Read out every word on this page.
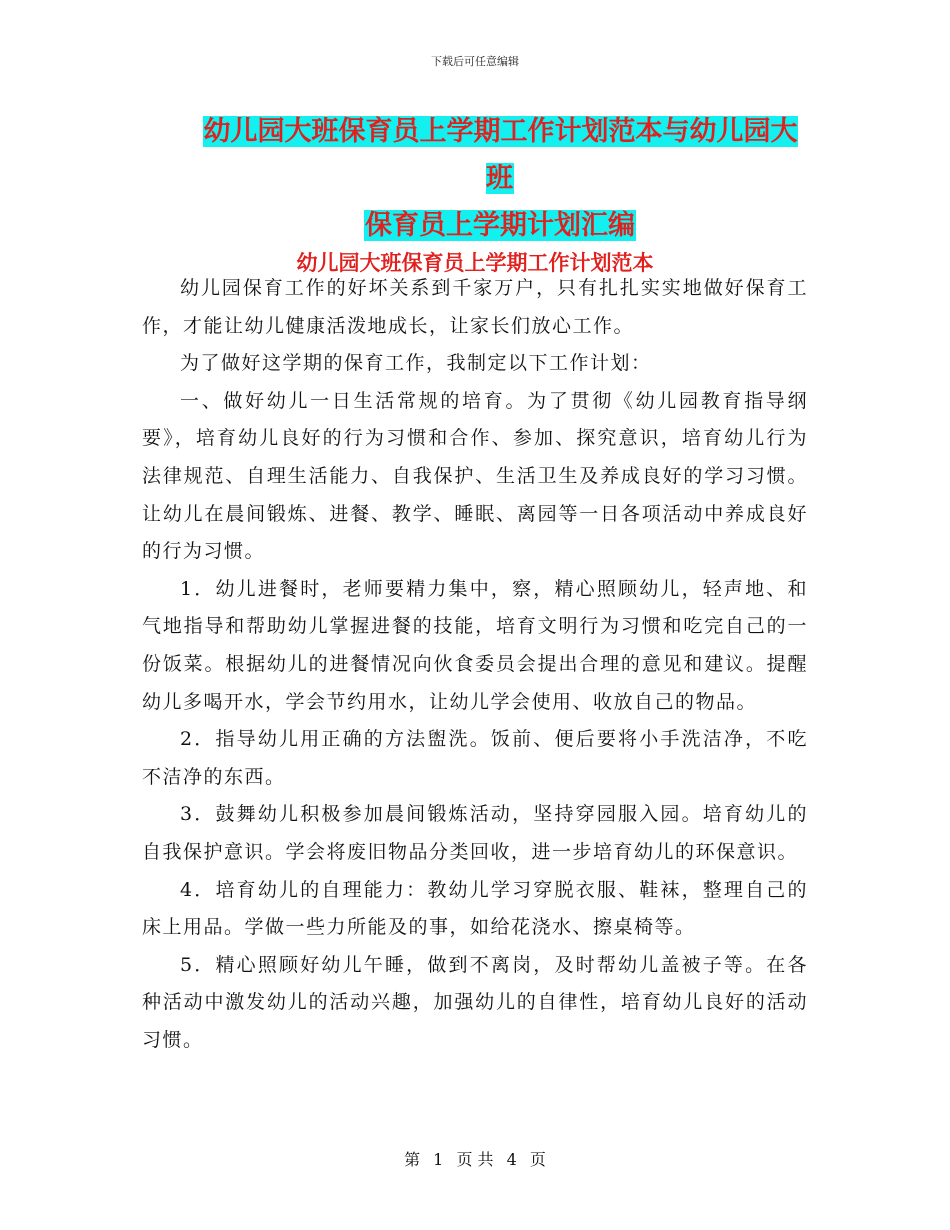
下载后可任意编辑
幼儿园大班保育员上学期工作计划范本与幼儿园大班
保育员上学期计划汇编
幼儿园大班保育员上学期工作计划范本

幼儿园保育工作的好坏关系到千家万户，只有扎扎实实地做好保育工作，才能让幼儿健康活泼地成长，让家长们放心工作。

为了做好这学期的保育工作，我制定以下工作计划：

一、做好幼儿一日生活常规的培育。为了贯彻《幼儿园教育指导纲要》，培育幼儿良好的行为习惯和合作、参加、探究意识，培育幼儿行为法律规范、自理生活能力、自我保护、生活卫生及养成良好的学习习惯。让幼儿在晨间锻炼、进餐、教学、睡眠、离园等一日各项活动中养成良好的行为习惯。

1．幼儿进餐时，老师要精力集中，察，精心照顾幼儿，轻声地、和气地指导和帮助幼儿掌握进餐的技能，培育文明行为习惯和吃完自己的一份饭菜。根据幼儿的进餐情况向伙食委员会提出合理的意见和建议。提醒幼儿多喝开水，学会节约用水，让幼儿学会使用、收放自己的物品。

2．指导幼儿用正确的方法盥洗。饭前、便后要将小手洗洁净，不吃不洁净的东西。

3．鼓舞幼儿积极参加晨间锻炼活动，坚持穿园服入园。培育幼儿的自我保护意识。学会将废旧物品分类回收，进一步培育幼儿的环保意识。

4．培育幼儿的自理能力：教幼儿学习穿脱衣服、鞋袜，整理自己的床上用品。学做一些力所能及的事，如给花浇水、擦桌椅等。

5．精心照顾好幼儿午睡，做到不离岗，及时帮幼儿盖被子等。在各种活动中激发幼儿的活动兴趣，加强幼儿的自律性，培育幼儿良好的活动习惯。

第 1 页 共 4 页
